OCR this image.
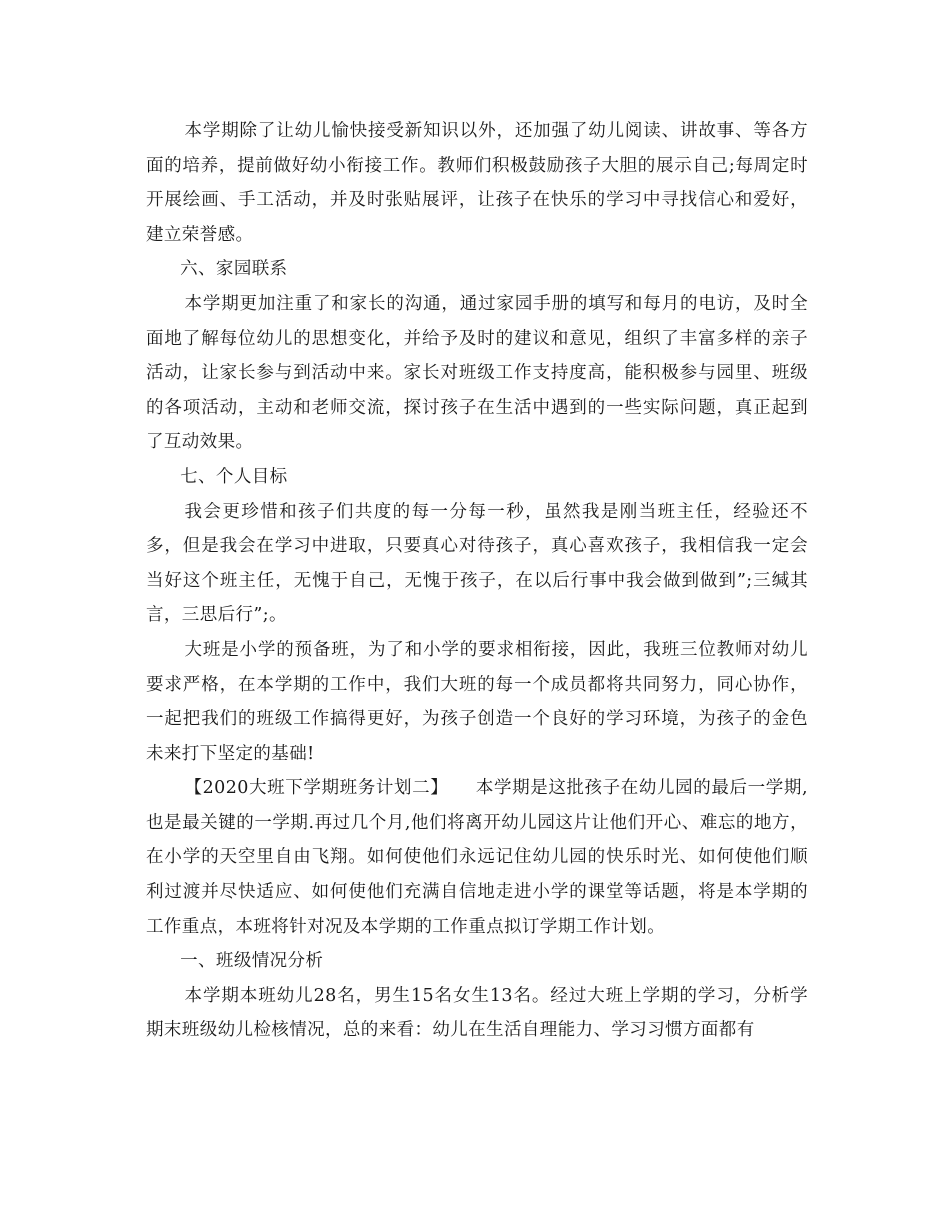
本学期除了让幼儿愉快接受新知识以外，还加强了幼儿阅读、讲故事、等各方面的培养，提前做好幼小衔接工作。教师们积极鼓励孩子大胆的展示自己;每周定时开展绘画、手工活动，并及时张贴展评，让孩子在快乐的学习中寻找信心和爱好，建立荣誉感。

六、家园联系

本学期更加注重了和家长的沟通，通过家园手册的填写和每月的电访，及时全面地了解每位幼儿的思想变化，并给予及时的建议和意见，组织了丰富多样的亲子活动，让家长参与到活动中来。家长对班级工作支持度高，能积极参与园里、班级的各项活动，主动和老师交流，探讨孩子在生活中遇到的一些实际问题，真正起到了互动效果。

七、个人目标

我会更珍惜和孩子们共度的每一分每一秒，虽然我是刚当班主任，经验还不多，但是我会在学习中进取，只要真心对待孩子，真心喜欢孩子，我相信我一定会当好这个班主任，无愧于自己，无愧于孩子，在以后行事中我会做到做到”;三缄其言，三思后行”;。

大班是小学的预备班，为了和小学的要求相衔接，因此，我班三位教师对幼儿要求严格，在本学期的工作中，我们大班的每一个成员都将共同努力，同心协作，一起把我们的班级工作搞得更好，为孩子创造一个良好的学习环境，为孩子的金色未来打下坚定的基础!

【2020大班下学期班务计划二】　　本学期是这批孩子在幼儿园的最后一学期,也是最关键的一学期.再过几个月,他们将离开幼儿园这片让他们开心、难忘的地方，在小学的天空里自由飞翔。如何使他们永远记住幼儿园的快乐时光、如何使他们顺利过渡并尽快适应、如何使他们充满自信地走进小学的课堂等话题，将是本学期的工作重点，本班将针对况及本学期的工作重点拟订学期工作计划。

一、班级情况分析

本学期本班幼儿28名，男生15名女生13名。经过大班上学期的学习，分析学期末班级幼儿检核情况，总的来看：幼儿在生活自理能力、学习习惯方面都有
